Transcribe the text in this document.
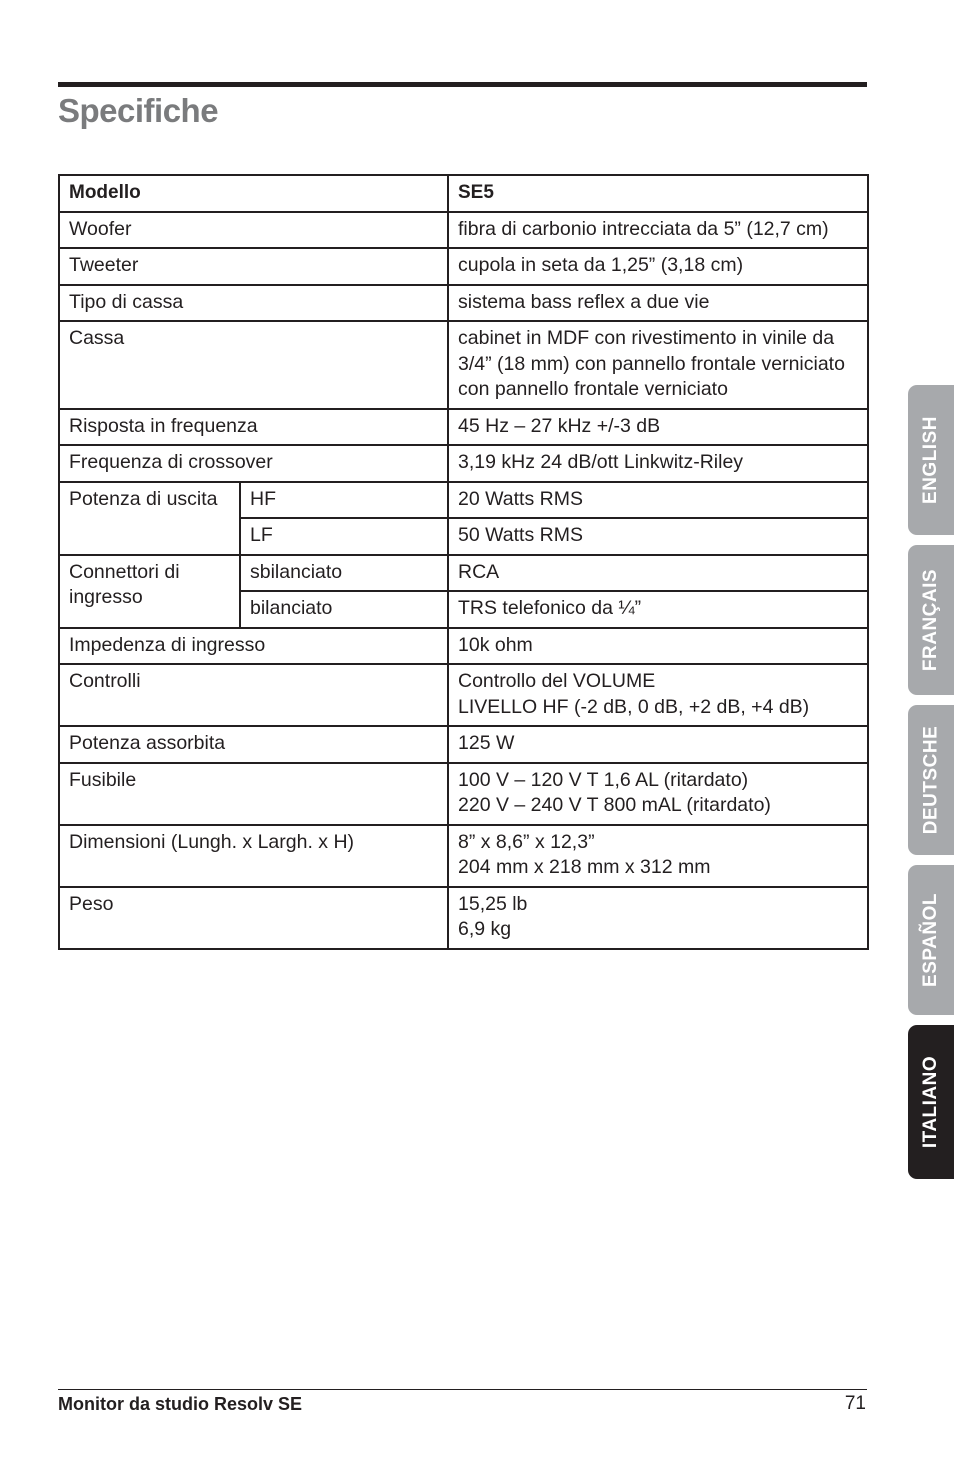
Specifiche
Modello		SE5
Woofer		fibra di carbonio intrecciata da 5” (12,7 cm)
Tweeter		cupola in seta da 1,25” (3,18 cm)
Tipo di cassa		sistema bass reflex a due vie
Cassa		cabinet in MDF con rivestimento in vinile da 3/4” (18 mm) con pannello frontale verniciato con pannello frontale verniciato
Risposta in frequenza		45 Hz – 27 kHz +/-3 dB
Frequenza di crossover		3,19 kHz 24 dB/ott Linkwitz-Riley
Potenza di uscita	HF	20 Watts RMS
	LF	50 Watts RMS
Connettori di ingresso	sbilanciato	RCA
	bilanciato	TRS telefonico da ¼”
Impedenza di ingresso		10k ohm
Controlli		Controllo del VOLUME
LIVELLO HF (-2 dB, 0 dB, +2 dB, +4 dB)

Potenza assorbita		125 W
Fusibile		100 V – 120 V T 1,6 AL (ritardato)
220 V – 240 V T 800 mAL (ritardato)

Dimensioni (Lungh. x Largh. x H)		8” x 8,6” x 12,3”
204 mm x 218 mm x 312 mm

Peso		15,25 lb
6,9 kg
ENGLISH
FRANÇAIS
DEUTSCHE
ESPAÑOL
ITALIANO
Monitor da studio Resolv SE	71
